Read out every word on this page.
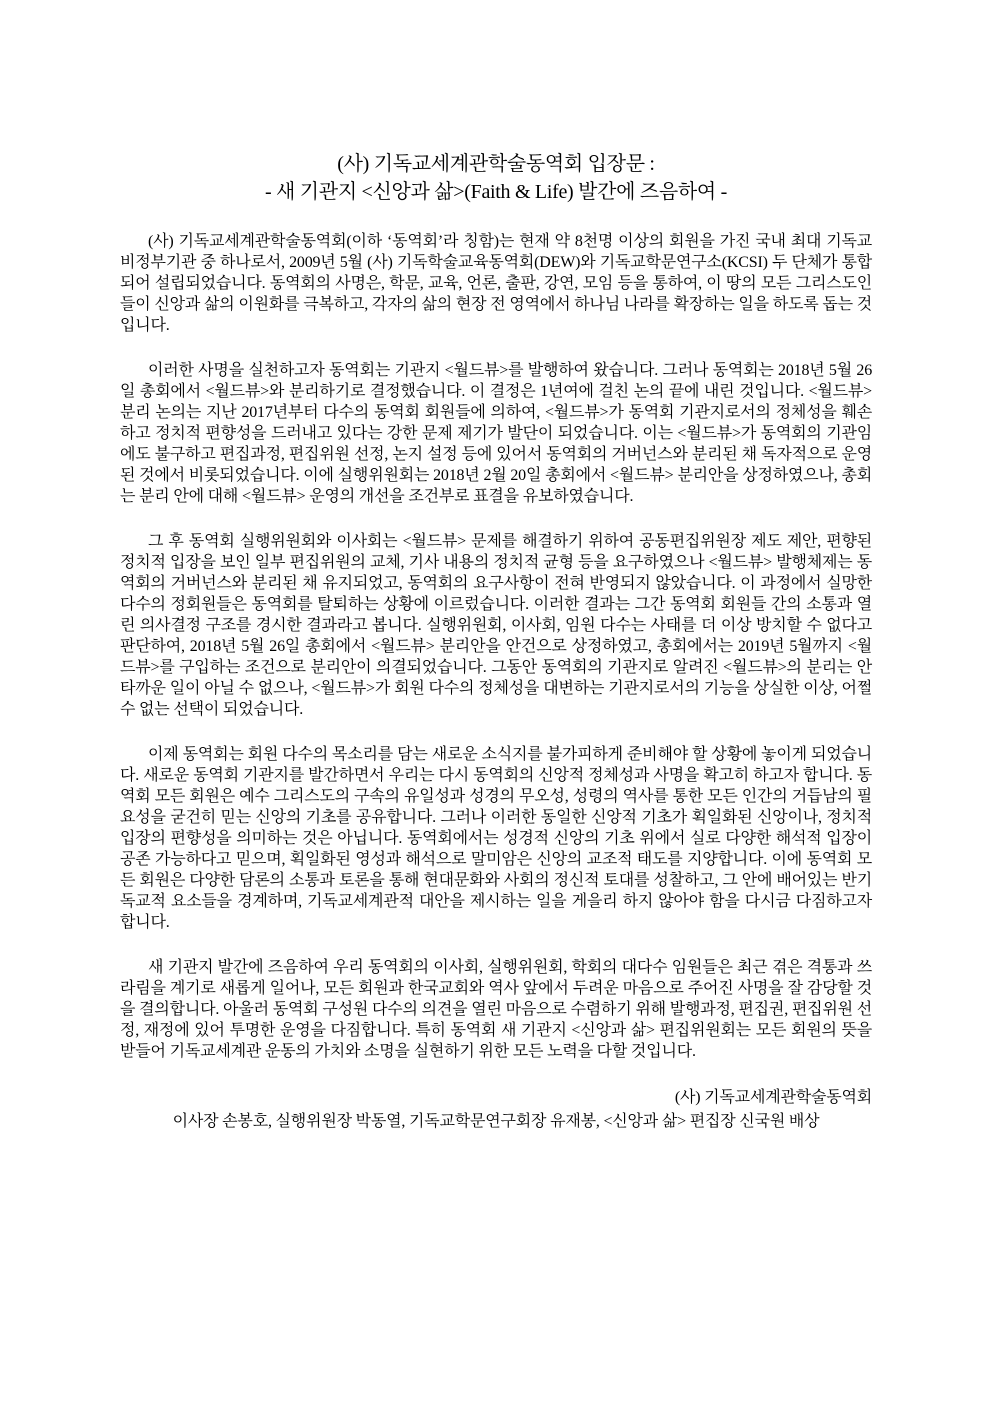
(사) 기독교세계관학술동역회 입장문 :
- 새 기관지 <신앙과 삶>(Faith & Life) 발간에 즈음하여 -

(사) 기독교세계관학술동역회(이하 ‘동역회’라 칭함)는 현재 약 8천명 이상의 회원을 가진 국내 최대 기독교 비정부기관 중 하나로서, 2009년 5월 (사) 기독학술교육동역회(DEW)와 기독교학문연구소(KCSI) 두 단체가 통합되어 설립되었습니다. 동역회의 사명은, 학문, 교육, 언론, 출판, 강연, 모임 등을 통하여, 이 땅의 모든 그리스도인들이 신앙과 삶의 이원화를 극복하고, 각자의 삶의 현장 전 영역에서 하나님 나라를 확장하는 일을 하도록 돕는 것입니다.

이러한 사명을 실천하고자 동역회는 기관지 <월드뷰>를 발행하여 왔습니다. 그러나 동역회는 2018년 5월 26일 총회에서 <월드뷰>와 분리하기로 결정했습니다. 이 결정은 1년여에 걸친 논의 끝에 내린 것입니다. <월드뷰> 분리 논의는 지난 2017년부터 다수의 동역회 회원들에 의하여, <월드뷰>가 동역회 기관지로서의 정체성을 훼손하고 정치적 편향성을 드러내고 있다는 강한 문제 제기가 발단이 되었습니다. 이는 <월드뷰>가 동역회의 기관임에도 불구하고 편집과정, 편집위원 선정, 논지 설정 등에 있어서 동역회의 거버넌스와 분리된 채 독자적으로 운영된 것에서 비롯되었습니다. 이에 실행위원회는 2018년 2월 20일 총회에서 <월드뷰> 분리안을 상정하였으나, 총회는 분리 안에 대해 <월드뷰> 운영의 개선을 조건부로 표결을 유보하였습니다.

그 후 동역회 실행위원회와 이사회는 <월드뷰> 문제를 해결하기 위하여 공동편집위원장 제도 제안, 편향된 정치적 입장을 보인 일부 편집위원의 교체, 기사 내용의 정치적 균형 등을 요구하였으나 <월드뷰> 발행체제는 동역회의 거버넌스와 분리된 채 유지되었고, 동역회의 요구사항이 전혀 반영되지 않았습니다. 이 과정에서 실망한 다수의 정회원들은 동역회를 탈퇴하는 상황에 이르렀습니다. 이러한 결과는 그간 동역회 회원들 간의 소통과 열린 의사결정 구조를 경시한 결과라고 봅니다. 실행위원회, 이사회, 임원 다수는 사태를 더 이상 방치할 수 없다고 판단하여, 2018년 5월 26일 총회에서 <월드뷰> 분리안을 안건으로 상정하였고, 총회에서는 2019년 5월까지 <월드뷰>를 구입하는 조건으로 분리안이 의결되었습니다. 그동안 동역회의 기관지로 알려진 <월드뷰>의 분리는 안타까운 일이 아닐 수 없으나, <월드뷰>가 회원 다수의 정체성을 대변하는 기관지로서의 기능을 상실한 이상, 어쩔 수 없는 선택이 되었습니다.

이제 동역회는 회원 다수의 목소리를 담는 새로운 소식지를 불가피하게 준비해야 할 상황에 놓이게 되었습니다. 새로운 동역회 기관지를 발간하면서 우리는 다시 동역회의 신앙적 정체성과 사명을 확고히 하고자 합니다. 동역회 모든 회원은 예수 그리스도의 구속의 유일성과 성경의 무오성, 성령의 역사를 통한 모든 인간의 거듭남의 필요성을 굳건히 믿는 신앙의 기초를 공유합니다. 그러나 이러한 동일한 신앙적 기초가 획일화된 신앙이나, 정치적 입장의 편향성을 의미하는 것은 아닙니다. 동역회에서는 성경적 신앙의 기초 위에서 실로 다양한 해석적 입장이 공존 가능하다고 믿으며, 획일화된 영성과 해석으로 말미암은 신앙의 교조적 태도를 지양합니다. 이에 동역회 모든 회원은 다양한 담론의 소통과 토론을 통해 현대문화와 사회의 정신적 토대를 성찰하고, 그 안에 배어있는 반기독교적 요소들을 경계하며, 기독교세계관적 대안을 제시하는 일을 게을리 하지 않아야 함을 다시금 다짐하고자 합니다.

새 기관지 발간에 즈음하여 우리 동역회의 이사회, 실행위원회, 학회의 대다수 임원들은 최근 겪은 격통과 쓰라림을 계기로 새롭게 일어나, 모든 회원과 한국교회와 역사 앞에서 두려운 마음으로 주어진 사명을 잘 감당할 것을 결의합니다. 아울러 동역회 구성원 다수의 의견을 열린 마음으로 수렴하기 위해 발행과정, 편집권, 편집위원 선정, 재정에 있어 투명한 운영을 다짐합니다. 특히 동역회 새 기관지 <신앙과 삶> 편집위원회는 모든 회원의 뜻을 받들어 기독교세계관 운동의 가치와 소명을 실현하기 위한 모든 노력을 다할 것입니다.

(사) 기독교세계관학술동역회
이사장 손봉호, 실행위원장 박동열, 기독교학문연구회장 유재봉, <신앙과 삶> 편집장 신국원 배상
